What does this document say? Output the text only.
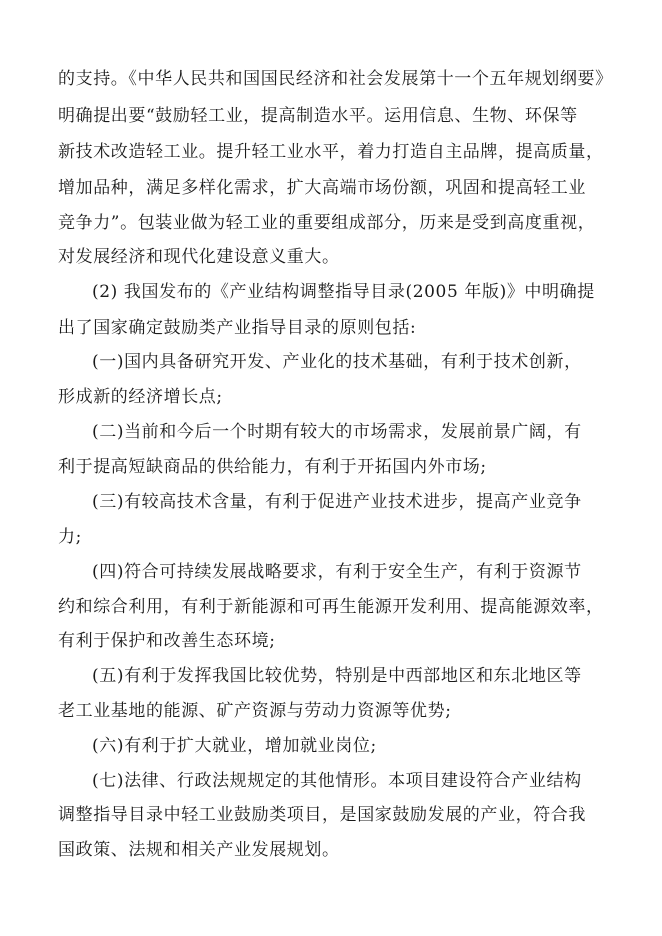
的支持。《中华人民共和国国民经济和社会发展第十一个五年规划纲要》
明确提出要“鼓励轻工业，提高制造水平。运用信息、生物、环保等
新技术改造轻工业。提升轻工业水平，着力打造自主品牌，提高质量，
增加品种，满足多样化需求，扩大高端市场份额，巩固和提高轻工业
竞争力”。包装业做为轻工业的重要组成部分，历来是受到高度重视，
对发展经济和现代化建设意义重大。
(2) 我国发布的《产业结构调整指导目录(2005 年版)》中明确提
出了国家确定鼓励类产业指导目录的原则包括:
(一)国内具备研究开发、产业化的技术基础，有利于技术创新，
形成新的经济增长点;
(二)当前和今后一个时期有较大的市场需求，发展前景广阔，有
利于提高短缺商品的供给能力，有利于开拓国内外市场;
(三)有较高技术含量，有利于促进产业技术进步，提高产业竞争
力;
(四)符合可持续发展战略要求，有利于安全生产，有利于资源节
约和综合利用，有利于新能源和可再生能源开发利用、提高能源效率，
有利于保护和改善生态环境;
(五)有利于发挥我国比较优势，特别是中西部地区和东北地区等
老工业基地的能源、矿产资源与劳动力资源等优势;
(六)有利于扩大就业，增加就业岗位;
(七)法律、行政法规规定的其他情形。本项目建设符合产业结构
调整指导目录中轻工业鼓励类项目，是国家鼓励发展的产业，符合我
国政策、法规和相关产业发展规划。
